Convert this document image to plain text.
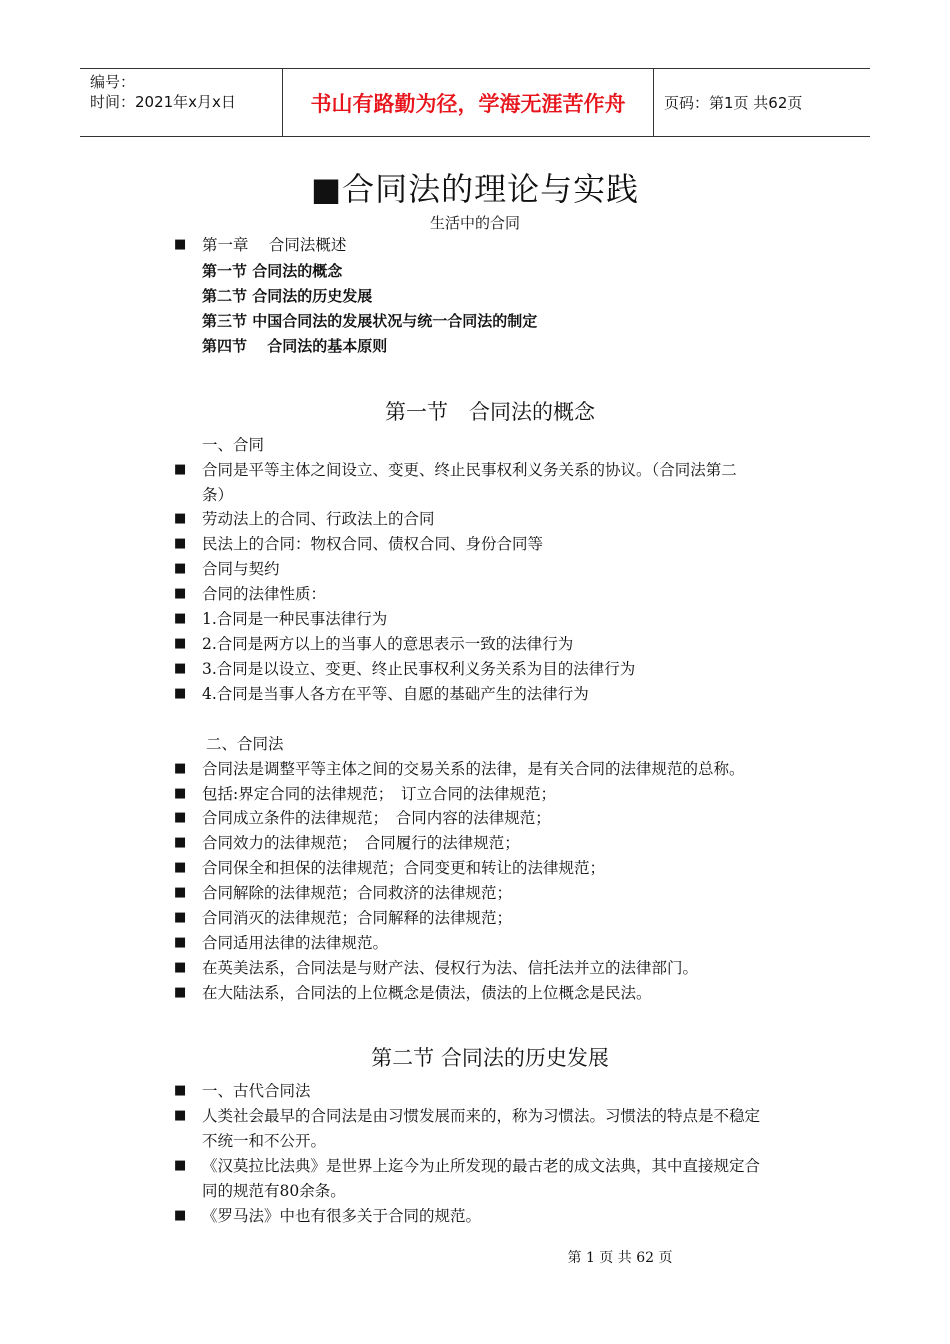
编号：
时间：2021年x月x日	书山有路勤为径，学海无涯苦作舟	页码：第1页 共62页
■合同法的理论与实践
生活中的合同
■ 第一章　 合同法概述
第一节 合同法的概念
第二节 合同法的历史发展
第三节 中国合同法的发展状况与统一合同法的制定
第四节 　合同法的基本原则
第一节　合同法的概念
一、合同
■ 合同是平等主体之间设立、变更、终止民事权利义务关系的协议。（合同法第二
条）
■ 劳动法上的合同、行政法上的合同
■ 民法上的合同：物权合同、债权合同、身份合同等
■ 合同与契约
■ 合同的法律性质：
■ 1.合同是一种民事法律行为
■ 2.合同是两方以上的当事人的意思表示一致的法律行为
■ 3.合同是以设立、变更、终止民事权利义务关系为目的法律行为
■ 4.合同是当事人各方在平等、自愿的基础产生的法律行为
二、合同法
■ 合同法是调整平等主体之间的交易关系的法律，是有关合同的法律规范的总称。
■ 包括:界定合同的法律规范；　订立合同的法律规范；
■ 合同成立条件的法律规范；　合同内容的法律规范；
■ 合同效力的法律规范；　合同履行的法律规范；
■ 合同保全和担保的法律规范；合同变更和转让的法律规范；
■ 合同解除的法律规范；合同救济的法律规范；
■ 合同消灭的法律规范；合同解释的法律规范；
■ 合同适用法律的法律规范。
■ 在英美法系，合同法是与财产法、侵权行为法、信托法并立的法律部门。
■ 在大陆法系，合同法的上位概念是债法，债法的上位概念是民法。
第二节 合同法的历史发展
■ 一、古代合同法
■ 人类社会最早的合同法是由习惯发展而来的，称为习惯法。习惯法的特点是不稳定
不统一和不公开。
■ 《汉莫拉比法典》是世界上迄今为止所发现的最古老的成文法典，其中直接规定合
同的规范有80余条。
■ 《罗马法》中也有很多关于合同的规范。
第 1 页 共 62 页
